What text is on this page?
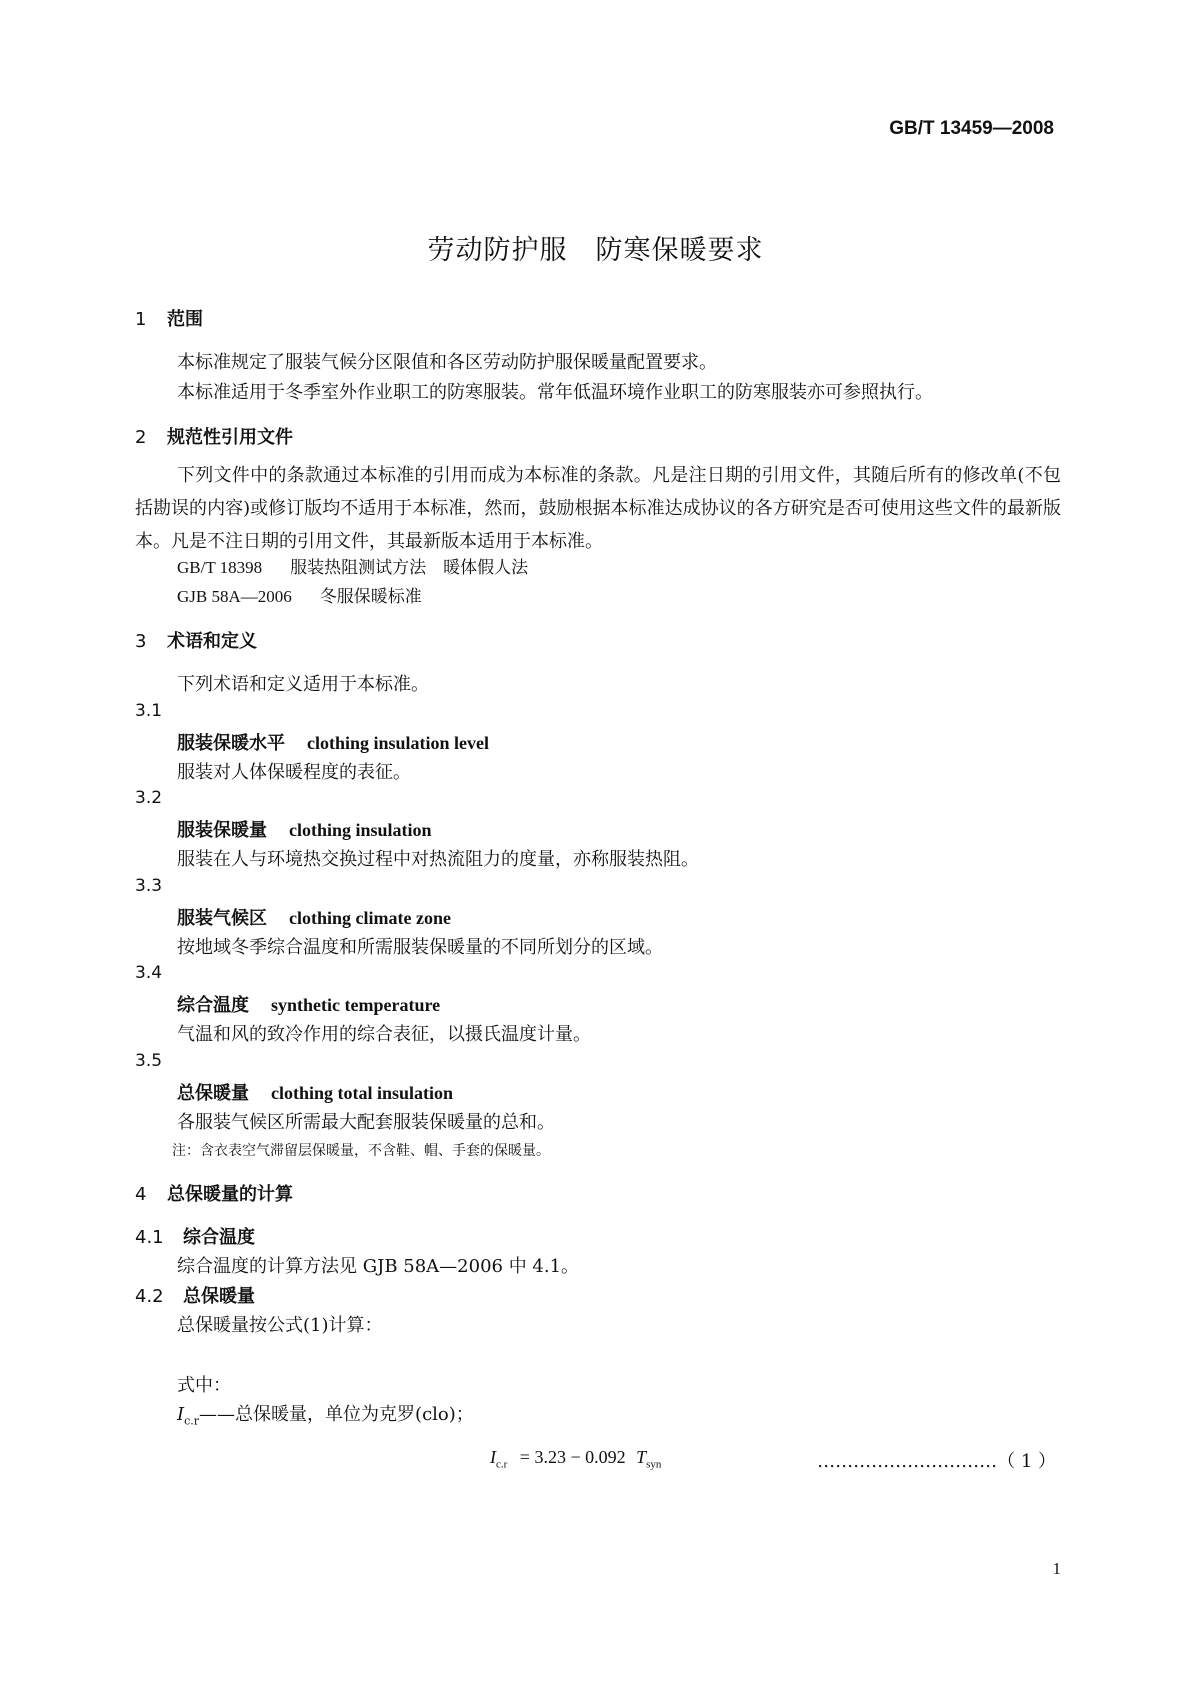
GB/T 13459—2008
劳动防护服　防寒保暖要求
1 范围
本标准规定了服装气候分区限值和各区劳动防护服保暖量配置要求。
本标准适用于冬季室外作业职工的防寒服装。常年低温环境作业职工的防寒服装亦可参照执行。
2 规范性引用文件
下列文件中的条款通过本标准的引用而成为本标准的条款。凡是注日期的引用文件，其随后所有的修改单(不包括勘误的内容)或修订版均不适用于本标准，然而，鼓励根据本标准达成协议的各方研究是否可使用这些文件的最新版本。凡是不注日期的引用文件，其最新版本适用于本标准。
GB/T 18398 服装热阻测试方法　暖体假人法
GJB 58A—2006 冬服保暖标准
3 术语和定义
下列术语和定义适用于本标准。
3.1
服装保暖水平 clothing insulation level
服装对人体保暖程度的表征。
3.2
服装保暖量 clothing insulation
服装在人与环境热交换过程中对热流阻力的度量，亦称服装热阻。
3.3
服装气候区 clothing climate zone
按地域冬季综合温度和所需服装保暖量的不同所划分的区域。
3.4
综合温度 synthetic temperature
气温和风的致冷作用的综合表征，以摄氏温度计量。
3.5
总保暖量 clothing total insulation
各服装气候区所需最大配套服装保暖量的总和。
注：含衣表空气滞留层保暖量，不含鞋、帽、手套的保暖量。
4 总保暖量的计算
4.1 综合温度
综合温度的计算方法见 GJB 58A—2006 中 4.1。
4.2 总保暖量
总保暖量按公式(1)计算：
$I_{c.r} = 3.23 - 0.092$ $T_{syn}$	…………………………（ 1 ）
式中：
$I_{c.r}——$总保暖量，单位为克罗(clo)；
1
